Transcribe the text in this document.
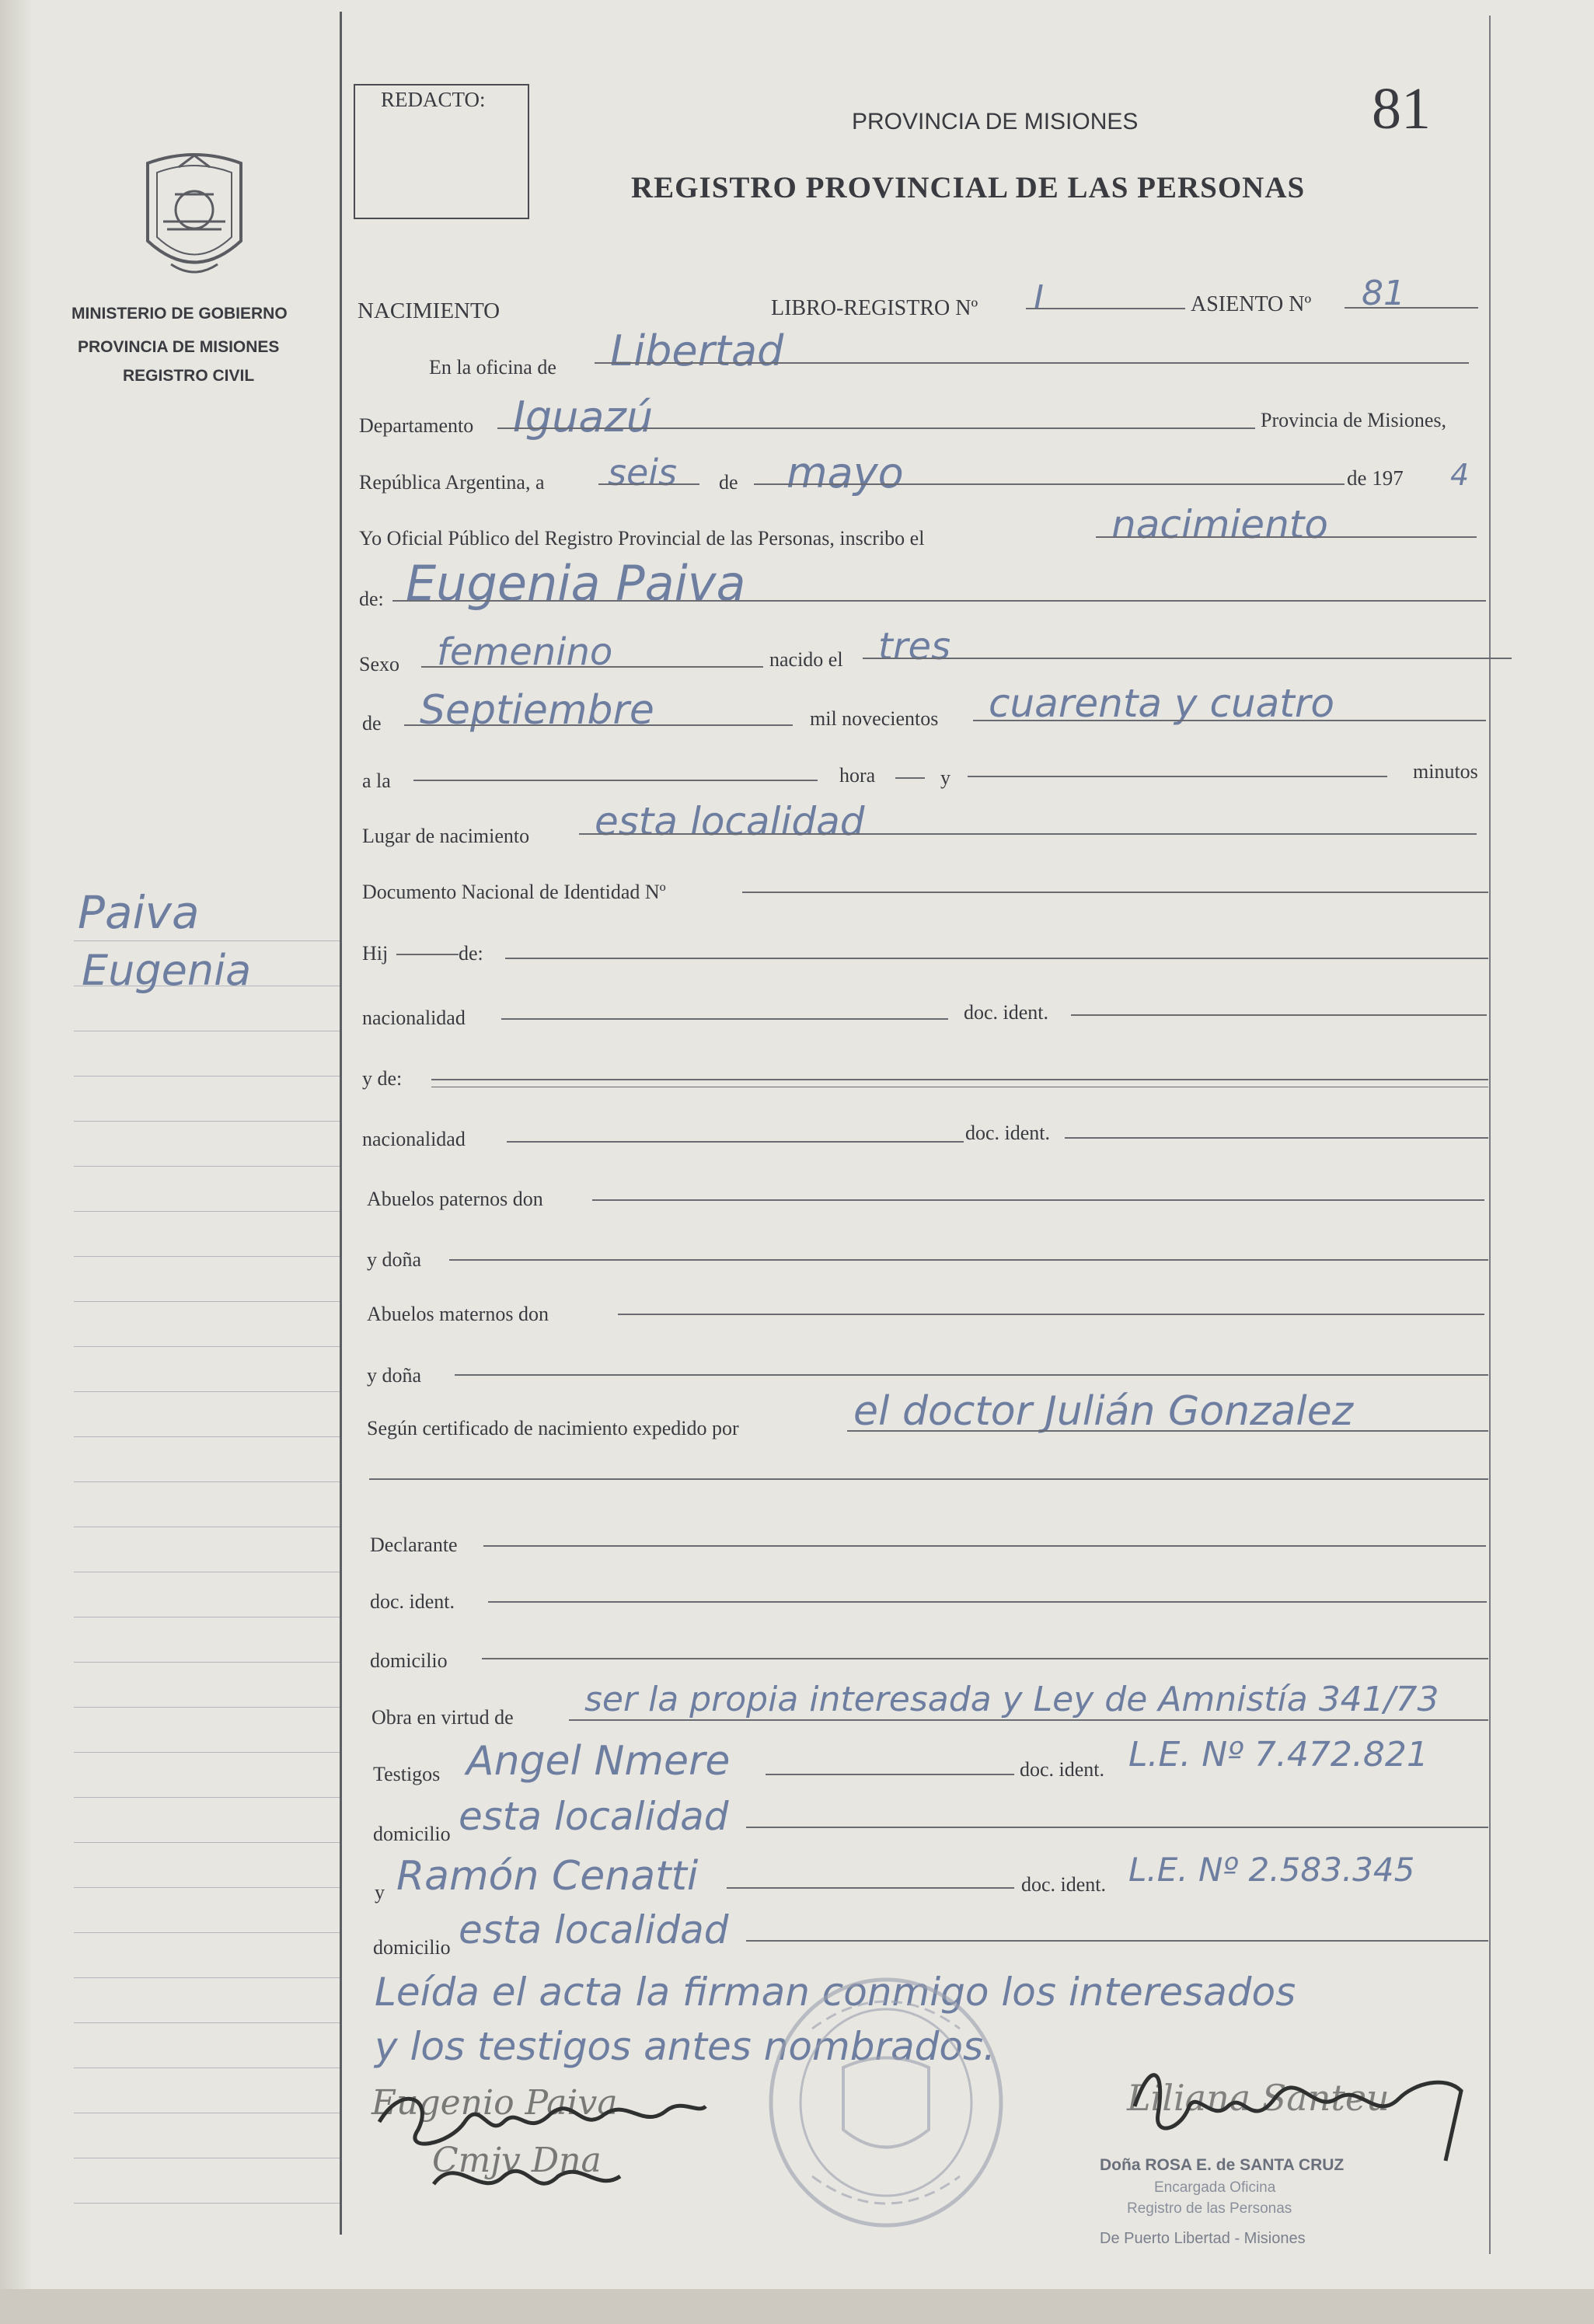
MINISTERIO DE GOBIERNO
PROVINCIA DE MISIONES
REGISTRO CIVIL
Paiva
Eugenia
REDACTO:
PROVINCIA DE MISIONES	81
REGISTRO PROVINCIAL DE LAS PERSONAS
NACIMIENTO	LIBRO-REGISTRO Nº I	ASIENTO Nº 81
En la oficina de Libertad
Departamento Iguazú	Provincia de Misiones,
República Argentina, a seis de mayo	de 197 4
Yo Oficial Público del Registro Provincial de las Personas, inscribo el	nacimiento
de: Eugenia Paiva
Sexo femenino	nacido el tres
de Septiembre	mil novecientos cuarenta y cuatro
a la	hora	y	minutos
Lugar de nacimiento esta localidad
Documento Nacional de Identidad Nº
Hij	de:
nacionalidad	doc. ident.
y de:
nacionalidad	doc. ident.
Abuelos paternos don
y doña
Abuelos maternos don
y doña
Según certificado de nacimiento expedido por	el doctor Julián Gonzalez
Declarante
doc. ident.
domicilio
Obra en virtud de ser la propia interesada y Ley de Amnistía 341/73
Testigos Angel Nmere	doc. ident. L.E. Nº 7.472.821
domicilio esta localidad
y Ramón Cenatti	doc. ident. L.E. Nº 2.583.345
domicilio esta localidad
Leída el acta la firman conmigo los interesados
y los testigos antes nombrados.
Eugenio Paiva
Cmjv Dna
Liliana Santeu
Doña ROSA E. de SANTA CRUZ
Encargada Oficina
Registro de las Personas
De Puerto Libertad - Misiones
